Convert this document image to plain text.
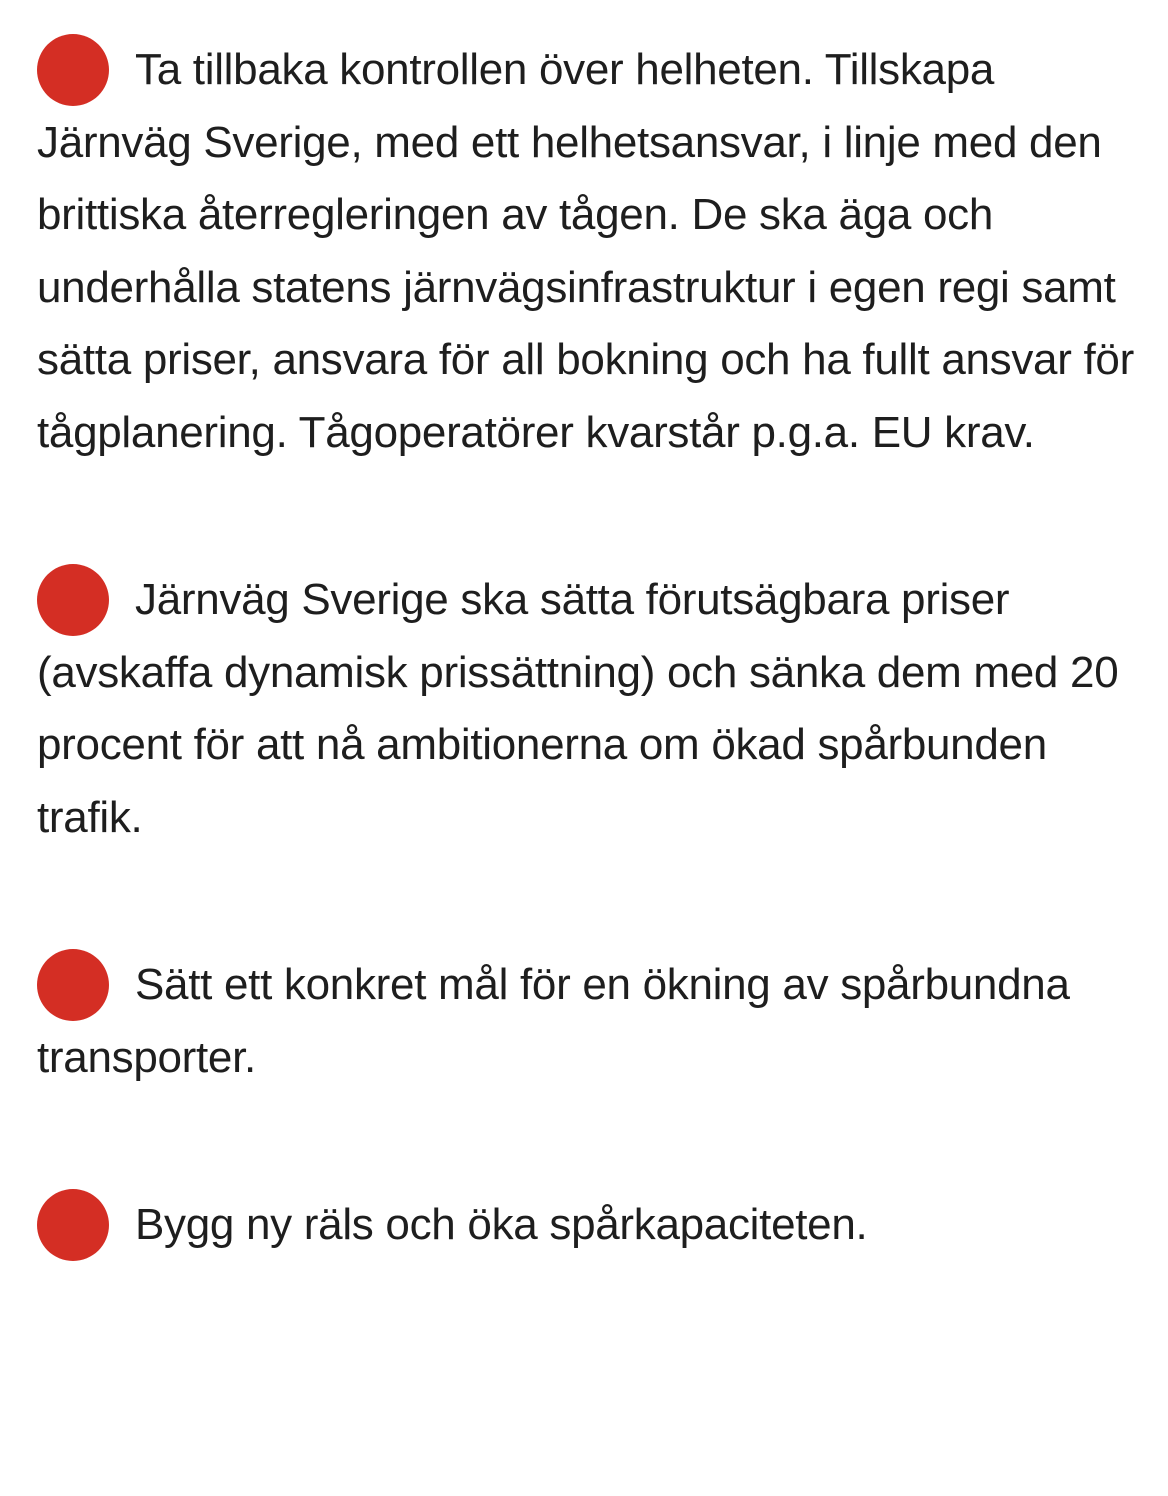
Ta tillbaka kontrollen över helheten. Tillskapa Järnväg Sverige, med ett helhetsansvar, i linje med den brittiska återregleringen av tågen. De ska äga och underhålla statens järnvägsinfrastruktur i egen regi samt sätta priser, ansvara för all bokning och ha fullt ansvar för tågplanering. Tågoperatörer kvarstår p.g.a. EU krav.

Järnväg Sverige ska sätta förutsägbara priser (avskaffa dynamisk prissättning) och sänka dem med 20 procent för att nå ambitionerna om ökad spårbunden trafik.

Sätt ett konkret mål för en ökning av spårbundna transporter.

Bygg ny räls och öka spårkapaciteten.
